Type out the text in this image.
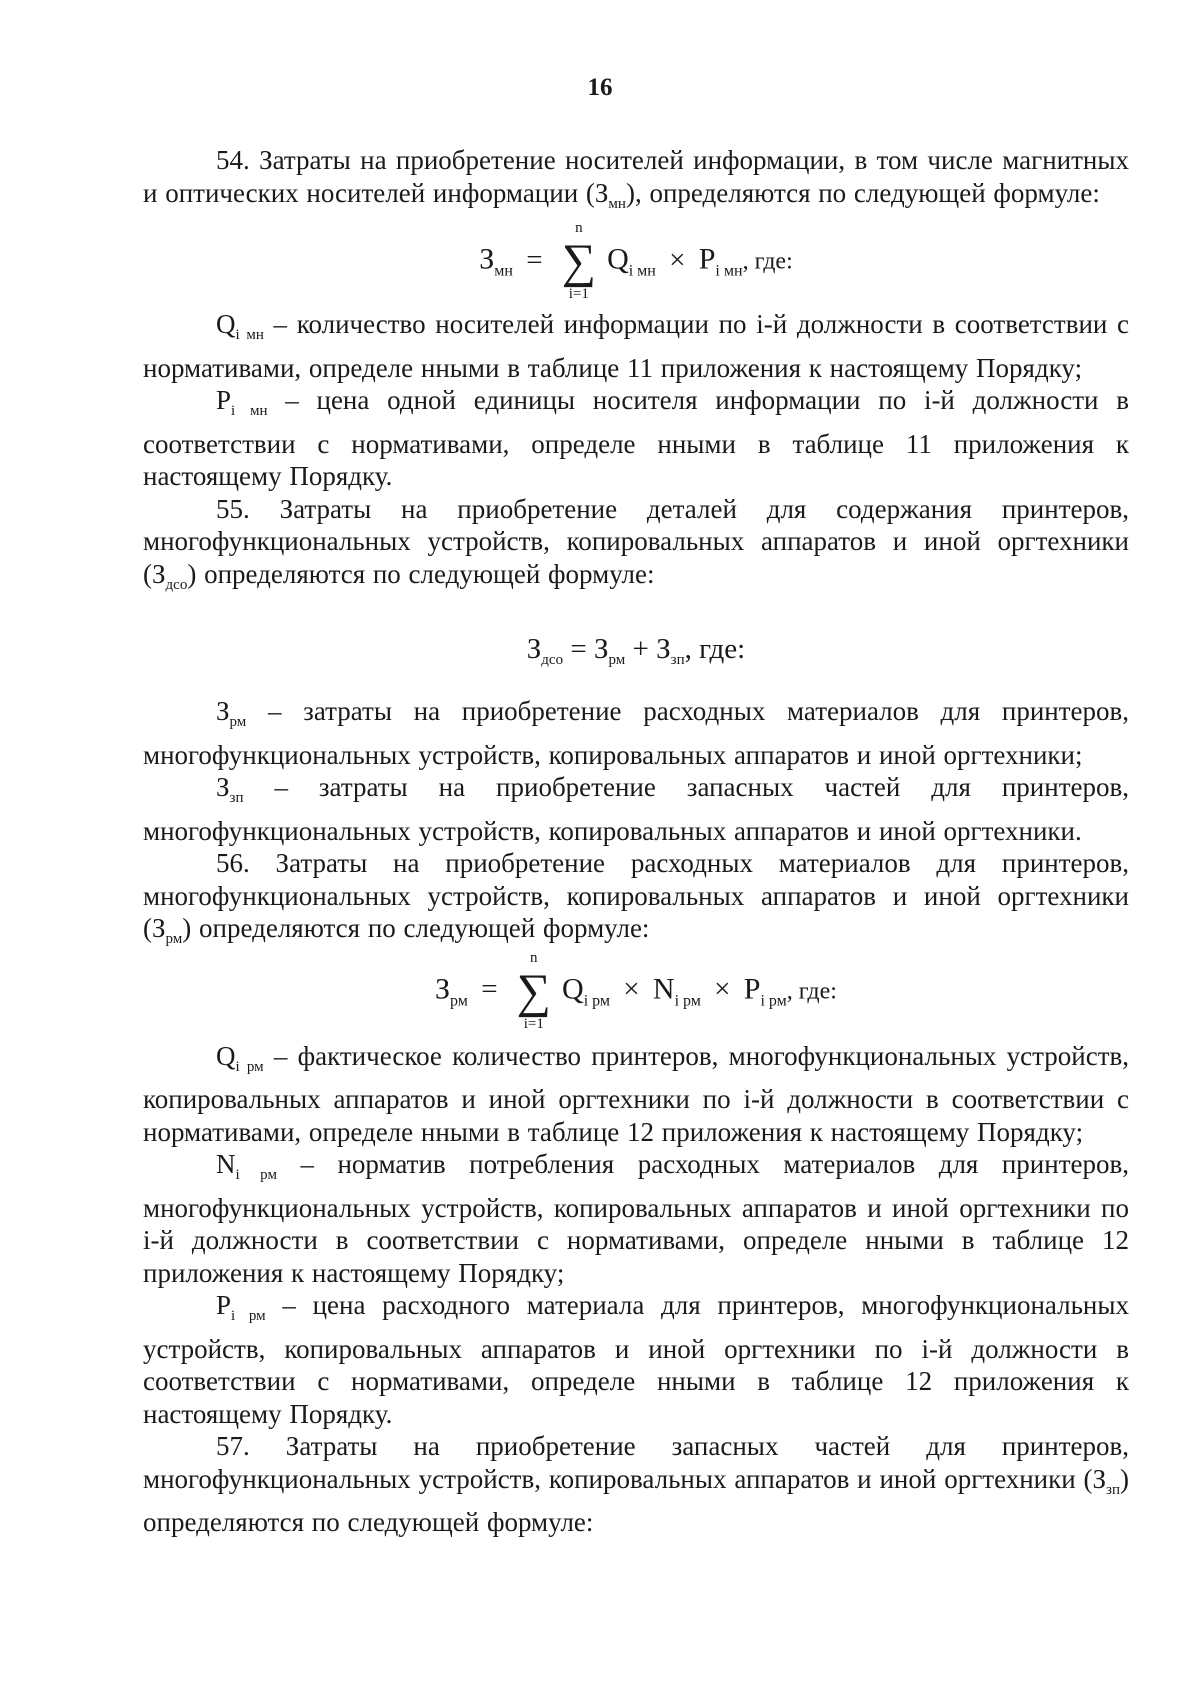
16

54. Затраты на приобретение носителей информации, в том числе магнитных и оптических носителей информации $(З_{мн})$, определяются по следующей формуле:

$З_{мн}$ =
n
∑
i=1
$Q_{i мн} \times P_{i мн}$, где:

$Q_{i мн}$ – количество носителей информации по i-й должности в соответствии с нормативами, определе нными в таблице 11 приложения к настоящему Порядку;

$P_{i мн}$ – цена одной единицы носителя информации по i-й должности в соответствии с нормативами, определе нными в таблице 11 приложения к настоящему Порядку.

55. Затраты на приобретение деталей для содержания принтеров, многофункциональных устройств, копировальных аппаратов и иной оргтехники $(З_{дсо})$ определяются по следующей формуле:

$З_{дсо} = З_{рм} + З_{зп}$, где:

$З_{рм}$ – затраты на приобретение расходных материалов для принтеров, многофункциональных устройств, копировальных аппаратов и иной оргтехники;

$З_{зп}$ – затраты на приобретение запасных частей для принтеров, многофункциональных устройств, копировальных аппаратов и иной оргтехники.

56. Затраты на приобретение расходных материалов для принтеров, многофункциональных устройств, копировальных аппаратов и иной оргтехники $(З_{рм})$ определяются по следующей формуле:

$З_{рм}$ =
n
∑
i=1
$Q_{i рм} \times N_{i рм} \times P_{i рм}$, где:

$Q_{i рм}$ – фактическое количество принтеров, многофункциональных устройств, копировальных аппаратов и иной оргтехники по i-й должности в соответствии с нормативами, определе нными в таблице 12 приложения к настоящему Порядку;

$N_{i рм}$ – норматив потребления расходных материалов для принтеров, многофункциональных устройств, копировальных аппаратов и иной оргтехники по i-й должности в соответствии с нормативами, определе нными в таблице 12 приложения к настоящему Порядку;

$P_{i рм}$ – цена расходного материала для принтеров, многофункциональных устройств, копировальных аппаратов и иной оргтехники по i-й должности в соответствии с нормативами, определе нными в таблице 12 приложения к настоящему Порядку.

57. Затраты на приобретение запасных частей для принтеров, многофункциональных устройств, копировальных аппаратов и иной оргтехники $(З_{зп})$ определяются по следующей формуле:
